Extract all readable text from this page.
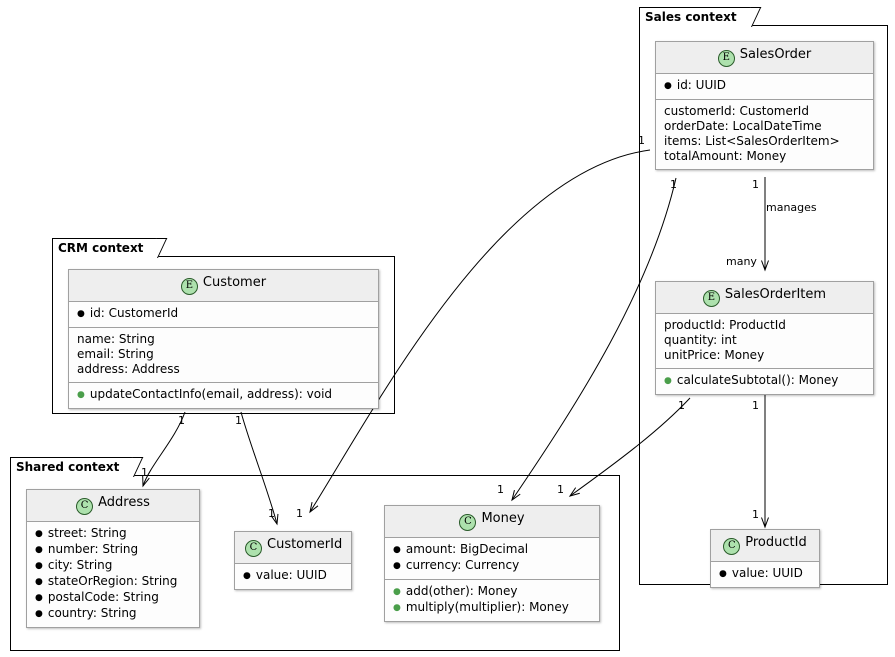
Sales context
E SalesOrder
● id: UUID
customerId: CustomerId
orderDate: LocalDateTime
items: List<SalesOrderItem>
totalAmount: Money
E SalesOrderItem
productId: ProductId
quantity: int
unitPrice: Money
● calculateSubtotal(): Money
C ProductId
● value: UUID
CRM context
E Customer
● id: CustomerId
name: String
email: String
address: Address
● updateContactInfo(email, address): void
Shared context
C Address
● street: String
● number: String
● city: String
● stateOrRegion: String
● postalCode: String
● country: String
C CustomerId
● value: UUID
C Money
● amount: BigDecimal
● currency: Currency
● add(other): Money
● multiply(multiplier): Money
1
1	1
manages
many
1	1
1
1	1
1
1 1
1	1
